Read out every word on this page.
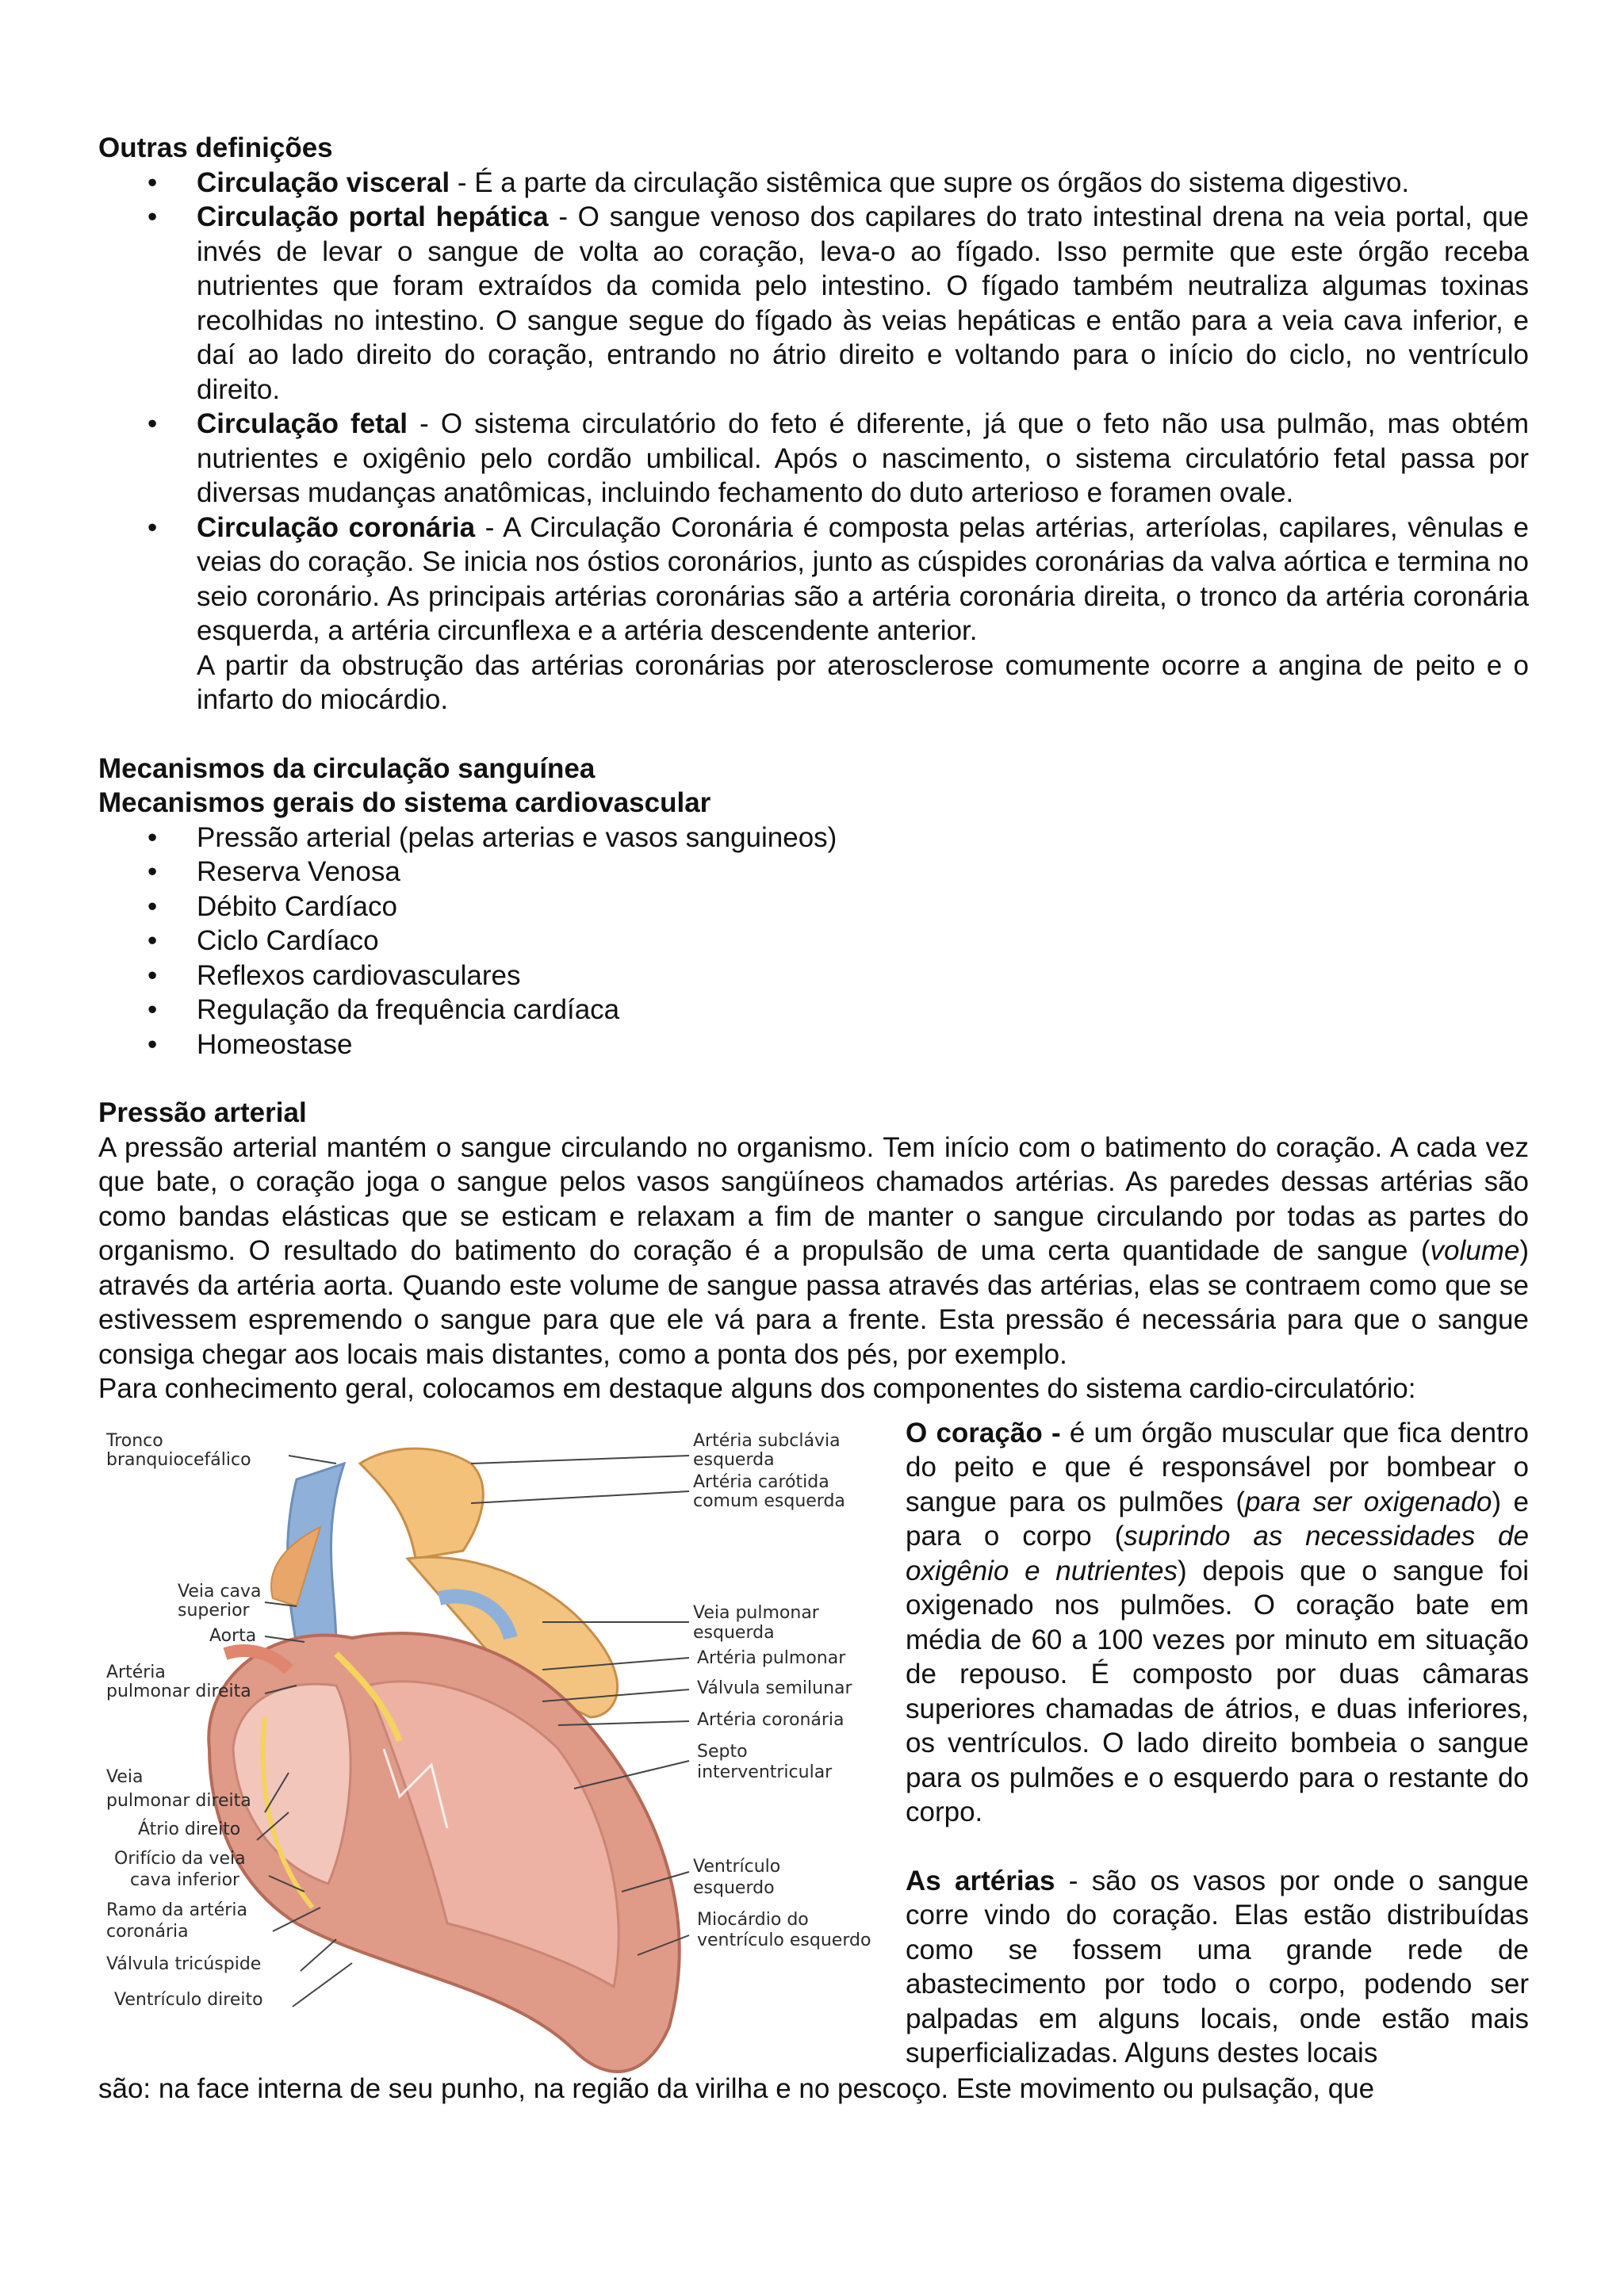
Outras definições
• Circulação visceral - É a parte da circulação sistêmica que supre os órgãos do sistema digestivo.
• Circulação portal hepática - O sangue venoso dos capilares do trato intestinal drena na veia portal, que invés de levar o sangue de volta ao coração, leva-o ao fígado. Isso permite que este órgão receba nutrientes que foram extraídos da comida pelo intestino. O fígado também neutraliza algumas toxinas recolhidas no intestino. O sangue segue do fígado às veias hepáticas e então para a veia cava inferior, e daí ao lado direito do coração, entrando no átrio direito e voltando para o início do ciclo, no ventrículo direito.
• Circulação fetal - O sistema circulatório do feto é diferente, já que o feto não usa pulmão, mas obtém nutrientes e oxigênio pelo cordão umbilical. Após o nascimento, o sistema circulatório fetal passa por diversas mudanças anatômicas, incluindo fechamento do duto arterioso e foramen ovale.
• Circulação coronária - A Circulação Coronária é composta pelas artérias, arteríolas, capilares, vênulas e veias do coração. Se inicia nos óstios coronários, junto as cúspides coronárias da valva aórtica e termina no seio coronário. As principais artérias coronárias são a artéria coronária direita, o tronco da artéria coronária esquerda, a artéria circunflexa e a artéria descendente anterior.
A partir da obstrução das artérias coronárias por aterosclerose comumente ocorre a angina de peito e o infarto do miocárdio.
Mecanismos da circulação sanguínea
Mecanismos gerais do sistema cardiovascular
• Pressão arterial (pelas arterias e vasos sanguineos)
• Reserva Venosa
• Débito Cardíaco
• Ciclo Cardíaco
• Reflexos cardiovasculares
• Regulação da frequência cardíaca
• Homeostase
Pressão arterial
A pressão arterial mantém o sangue circulando no organismo. Tem início com o batimento do coração. A cada vez que bate, o coração joga o sangue pelos vasos sangüíneos chamados artérias. As paredes dessas artérias são como bandas elásticas que se esticam e relaxam a fim de manter o sangue circulando por todas as partes do organismo. O resultado do batimento do coração é a propulsão de uma certa quantidade de sangue (volume) através da artéria aorta. Quando este volume de sangue passa através das artérias, elas se contraem como que se estivessem espremendo o sangue para que ele vá para a frente. Esta pressão é necessária para que o sangue consiga chegar aos locais mais distantes, como a ponta dos pés, por exemplo.
Para conhecimento geral, colocamos em destaque alguns dos componentes do sistema cardio-circulatório:
Tronco
branquiocefálico
Veia cava
superior
Aorta
Artéria
pulmonar direita
Veia
pulmonar direita
Átrio direito
Orifício da veia
cava inferior
Ramo da artéria
coronária
Válvula tricúspide
Ventrículo direito
Artéria subclávia
esquerda
Artéria carótida
comum esquerda
Veia pulmonar
esquerda
Artéria pulmonar
Válvula semilunar
Artéria coronária
Septo
interventricular
Ventrículo
esquerdo
Miocárdio do
ventrículo esquerdo
O coração - é um órgão muscular que fica dentro do peito e que é responsável por bombear o sangue para os pulmões (para ser oxigenado) e para o corpo (suprindo as necessidades de oxigênio e nutrientes) depois que o sangue foi oxigenado nos pulmões. O coração bate em média de 60 a 100 vezes por minuto em situação de repouso. É composto por duas câmaras superiores chamadas de átrios, e duas inferiores, os ventrículos. O lado direito bombeia o sangue para os pulmões e o esquerdo para o restante do corpo.
As artérias - são os vasos por onde o sangue corre vindo do coração. Elas estão distribuídas como se fossem uma grande rede de abastecimento por todo o corpo, podendo ser palpadas em alguns locais, onde estão mais superficializadas. Alguns destes locais
são: na face interna de seu punho, na região da virilha e no pescoço. Este movimento ou pulsação, que
